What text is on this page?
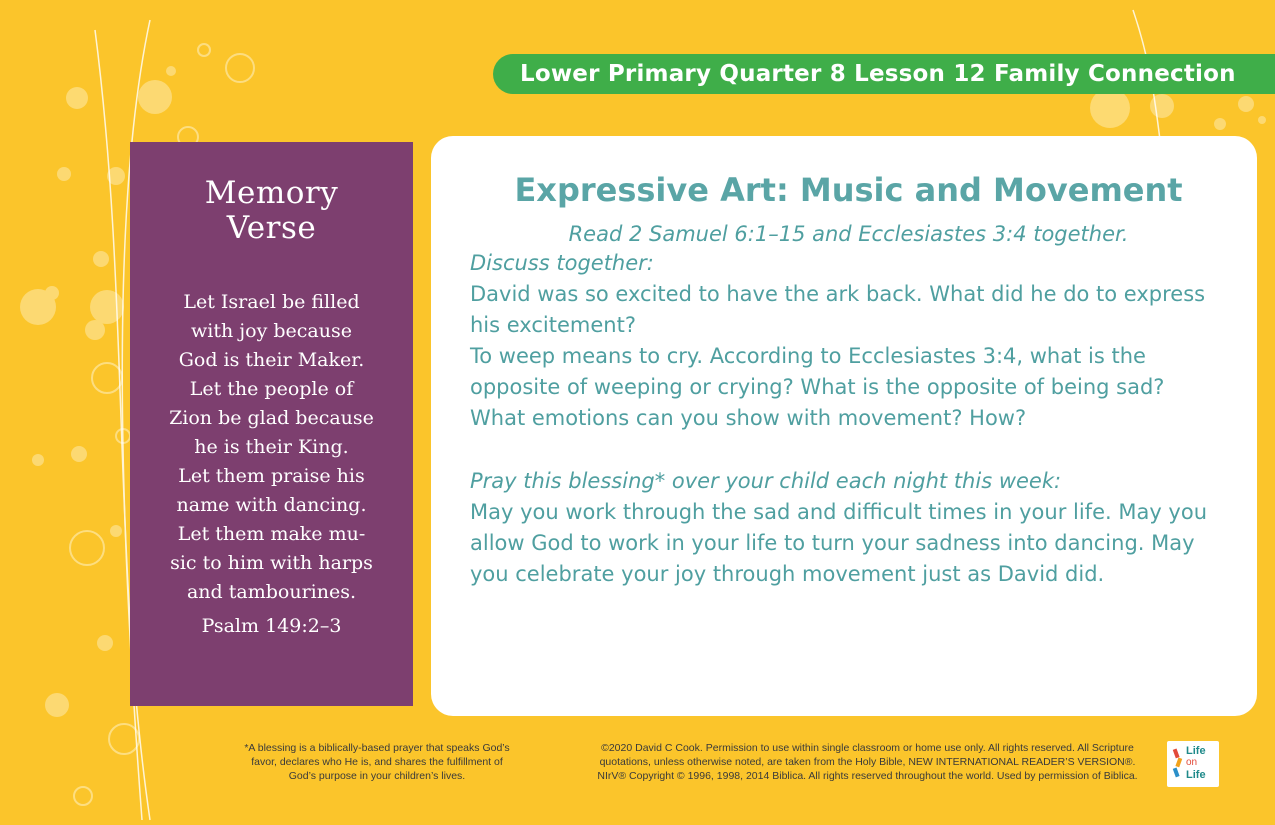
Lower Primary Quarter 8 Lesson 12 Family Connection
Memory
Verse
Let Israel be filled
with joy because
God is their Maker.
Let the people of
Zion be glad because
he is their King.
Let them praise his
name with dancing.
Let them make mu-
sic to him with harps
and tambourines.
Psalm 149:2–3
Expressive Art: Music and Movement
Read 2 Samuel 6:1–15 and Ecclesiastes 3:4 together.

Discuss together:

David was so excited to have the ark back. What did he do to express his excitement?

To weep means to cry. According to Ecclesiastes 3:4, what is the opposite of weeping or crying? What is the opposite of being sad?

What emotions can you show with movement? How?

Pray this blessing* over your child each night this week:

May you work through the sad and difficult times in your life. May you allow God to work in your life to turn your sadness into dancing. May you celebrate your joy through movement just as David did.

*A blessing is a biblically-based prayer that speaks God’s favor, declares who He is, and shares the fulfillment of God’s purpose in your children’s lives.
©2020 David C Cook. Permission to use within single classroom or home use only. All rights reserved. All Scripture quotations, unless otherwise noted, are taken from the Holy Bible, NEW INTERNATIONAL READER’S VERSION®. NIrV® Copyright © 1996, 1998, 2014 Biblica. All rights reserved throughout the world. Used by permission of Biblica.
Life
on
Life
